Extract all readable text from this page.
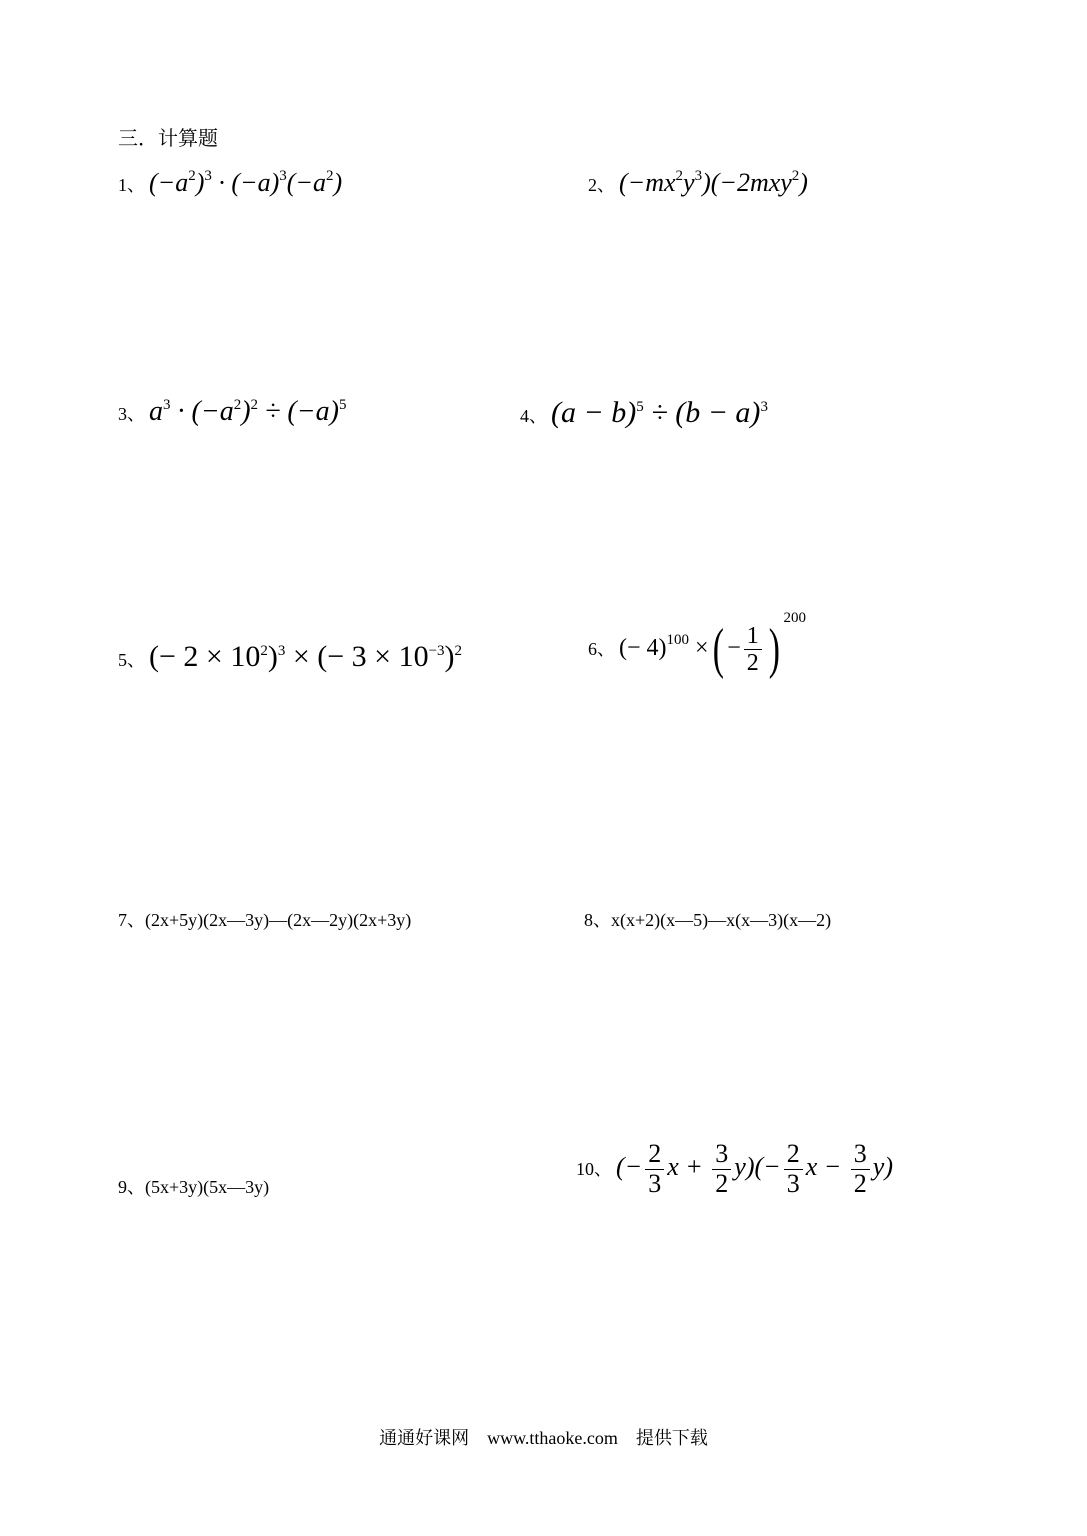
三．计算题
1、 $(-a^2)^3 \cdot (-a)^3(-a^2)$	2、 $(-mx^2y^3)(-2mxy^2)$
3、 $a^3 \cdot (-a^2)^2 \div (-a)^5$
4、 $(a - b)^5 \div (b - a)^3$
5、 (− $2 \times 10^2)^3$ × (− $3 \times 10^{-3})^2$	6、 (− 4)$^{100}$ ×( − $\frac{1}{2} )^{200}$
7、(2x+5y)(2x—3y)—(2x—2y)(2x+3y)	8、x(x+2)(x—5)—x(x—3)(x—2)
9、(5x+3y)(5x—3y)
10、 (− $\frac{2}{3}$ $x + \frac{3}{2} y)(- \frac{2}{3}$ $x - \frac{3}{2} y$)
通通好课网　www.tthaoke.com　提供下载
